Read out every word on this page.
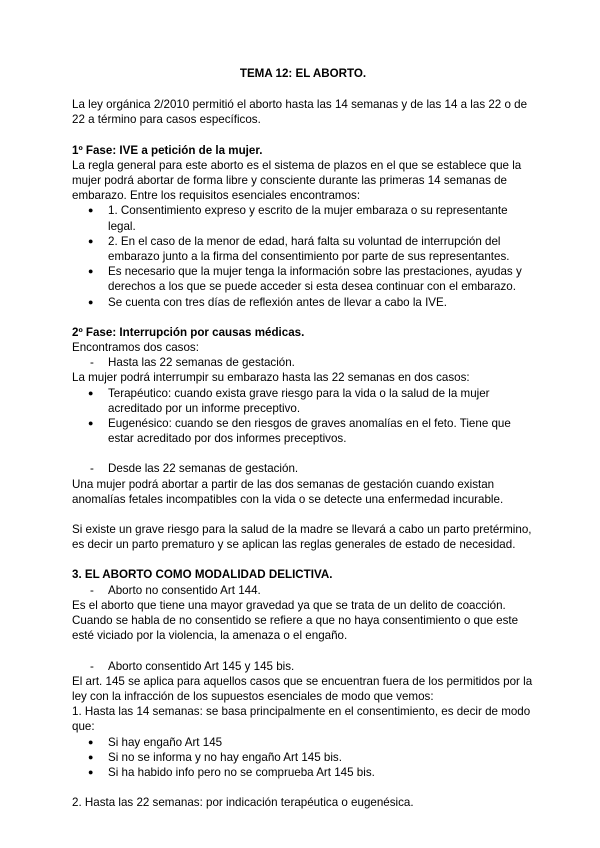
TEMA 12: EL ABORTO.

La ley orgánica 2/2010 permitió el aborto hasta las 14 semanas y de las 14 a las 22 o de 22 a término para casos específicos.

1º Fase: IVE a petición de la mujer.

La regla general para este aborto es el sistema de plazos en el que se establece que la mujer podrá abortar de forma libre y consciente durante las primeras 14 semanas de embarazo. Entre los requisitos esenciales encontramos:

● 1. Consentimiento expreso y escrito de la mujer embaraza o su representante legal.
● 2. En el caso de la menor de edad, hará falta su voluntad de interrupción del embarazo junto a la firma del consentimiento por parte de sus representantes.
● Es necesario que la mujer tenga la información sobre las prestaciones, ayudas y derechos a los que se puede acceder si esta desea continuar con el embarazo.
● Se cuenta con tres días de reflexión antes de llevar a cabo la IVE.

2º Fase: Interrupción por causas médicas.

Encontramos dos casos:

- Hasta las 22 semanas de gestación.

La mujer podrá interrumpir su embarazo hasta las 22 semanas en dos casos:

● Terapéutico: cuando exista grave riesgo para la vida o la salud de la mujer acreditado por un informe preceptivo.
● Eugenésico: cuando se den riesgos de graves anomalías en el feto. Tiene que estar acreditado por dos informes preceptivos.
- Desde las 22 semanas de gestación.

Una mujer podrá abortar a partir de las dos semanas de gestación cuando existan anomalías fetales incompatibles con la vida o se detecte una enfermedad incurable.

Si existe un grave riesgo para la salud de la madre se llevará a cabo un parto pretérmino, es decir un parto prematuro y se aplican las reglas generales de estado de necesidad.

3. EL ABORTO COMO MODALIDAD DELICTIVA.

- Aborto no consentido Art 144.

Es el aborto que tiene una mayor gravedad ya que se trata de un delito de coacción. Cuando se habla de no consentido se refiere a que no haya consentimiento o que este esté viciado por la violencia, la amenaza o el engaño.

- Aborto consentido Art 145 y 145 bis.

El art. 145 se aplica para aquellos casos que se encuentran fuera de los permitidos por la ley con la infracción de los supuestos esenciales de modo que vemos:

1. Hasta las 14 semanas: se basa principalmente en el consentimiento, es decir de modo que:

● Si hay engaño Art 145
● Si no se informa y no hay engaño Art 145 bis.
● Si ha habido info pero no se comprueba Art 145 bis.

2. Hasta las 22 semanas: por indicación terapéutica o eugenésica.
